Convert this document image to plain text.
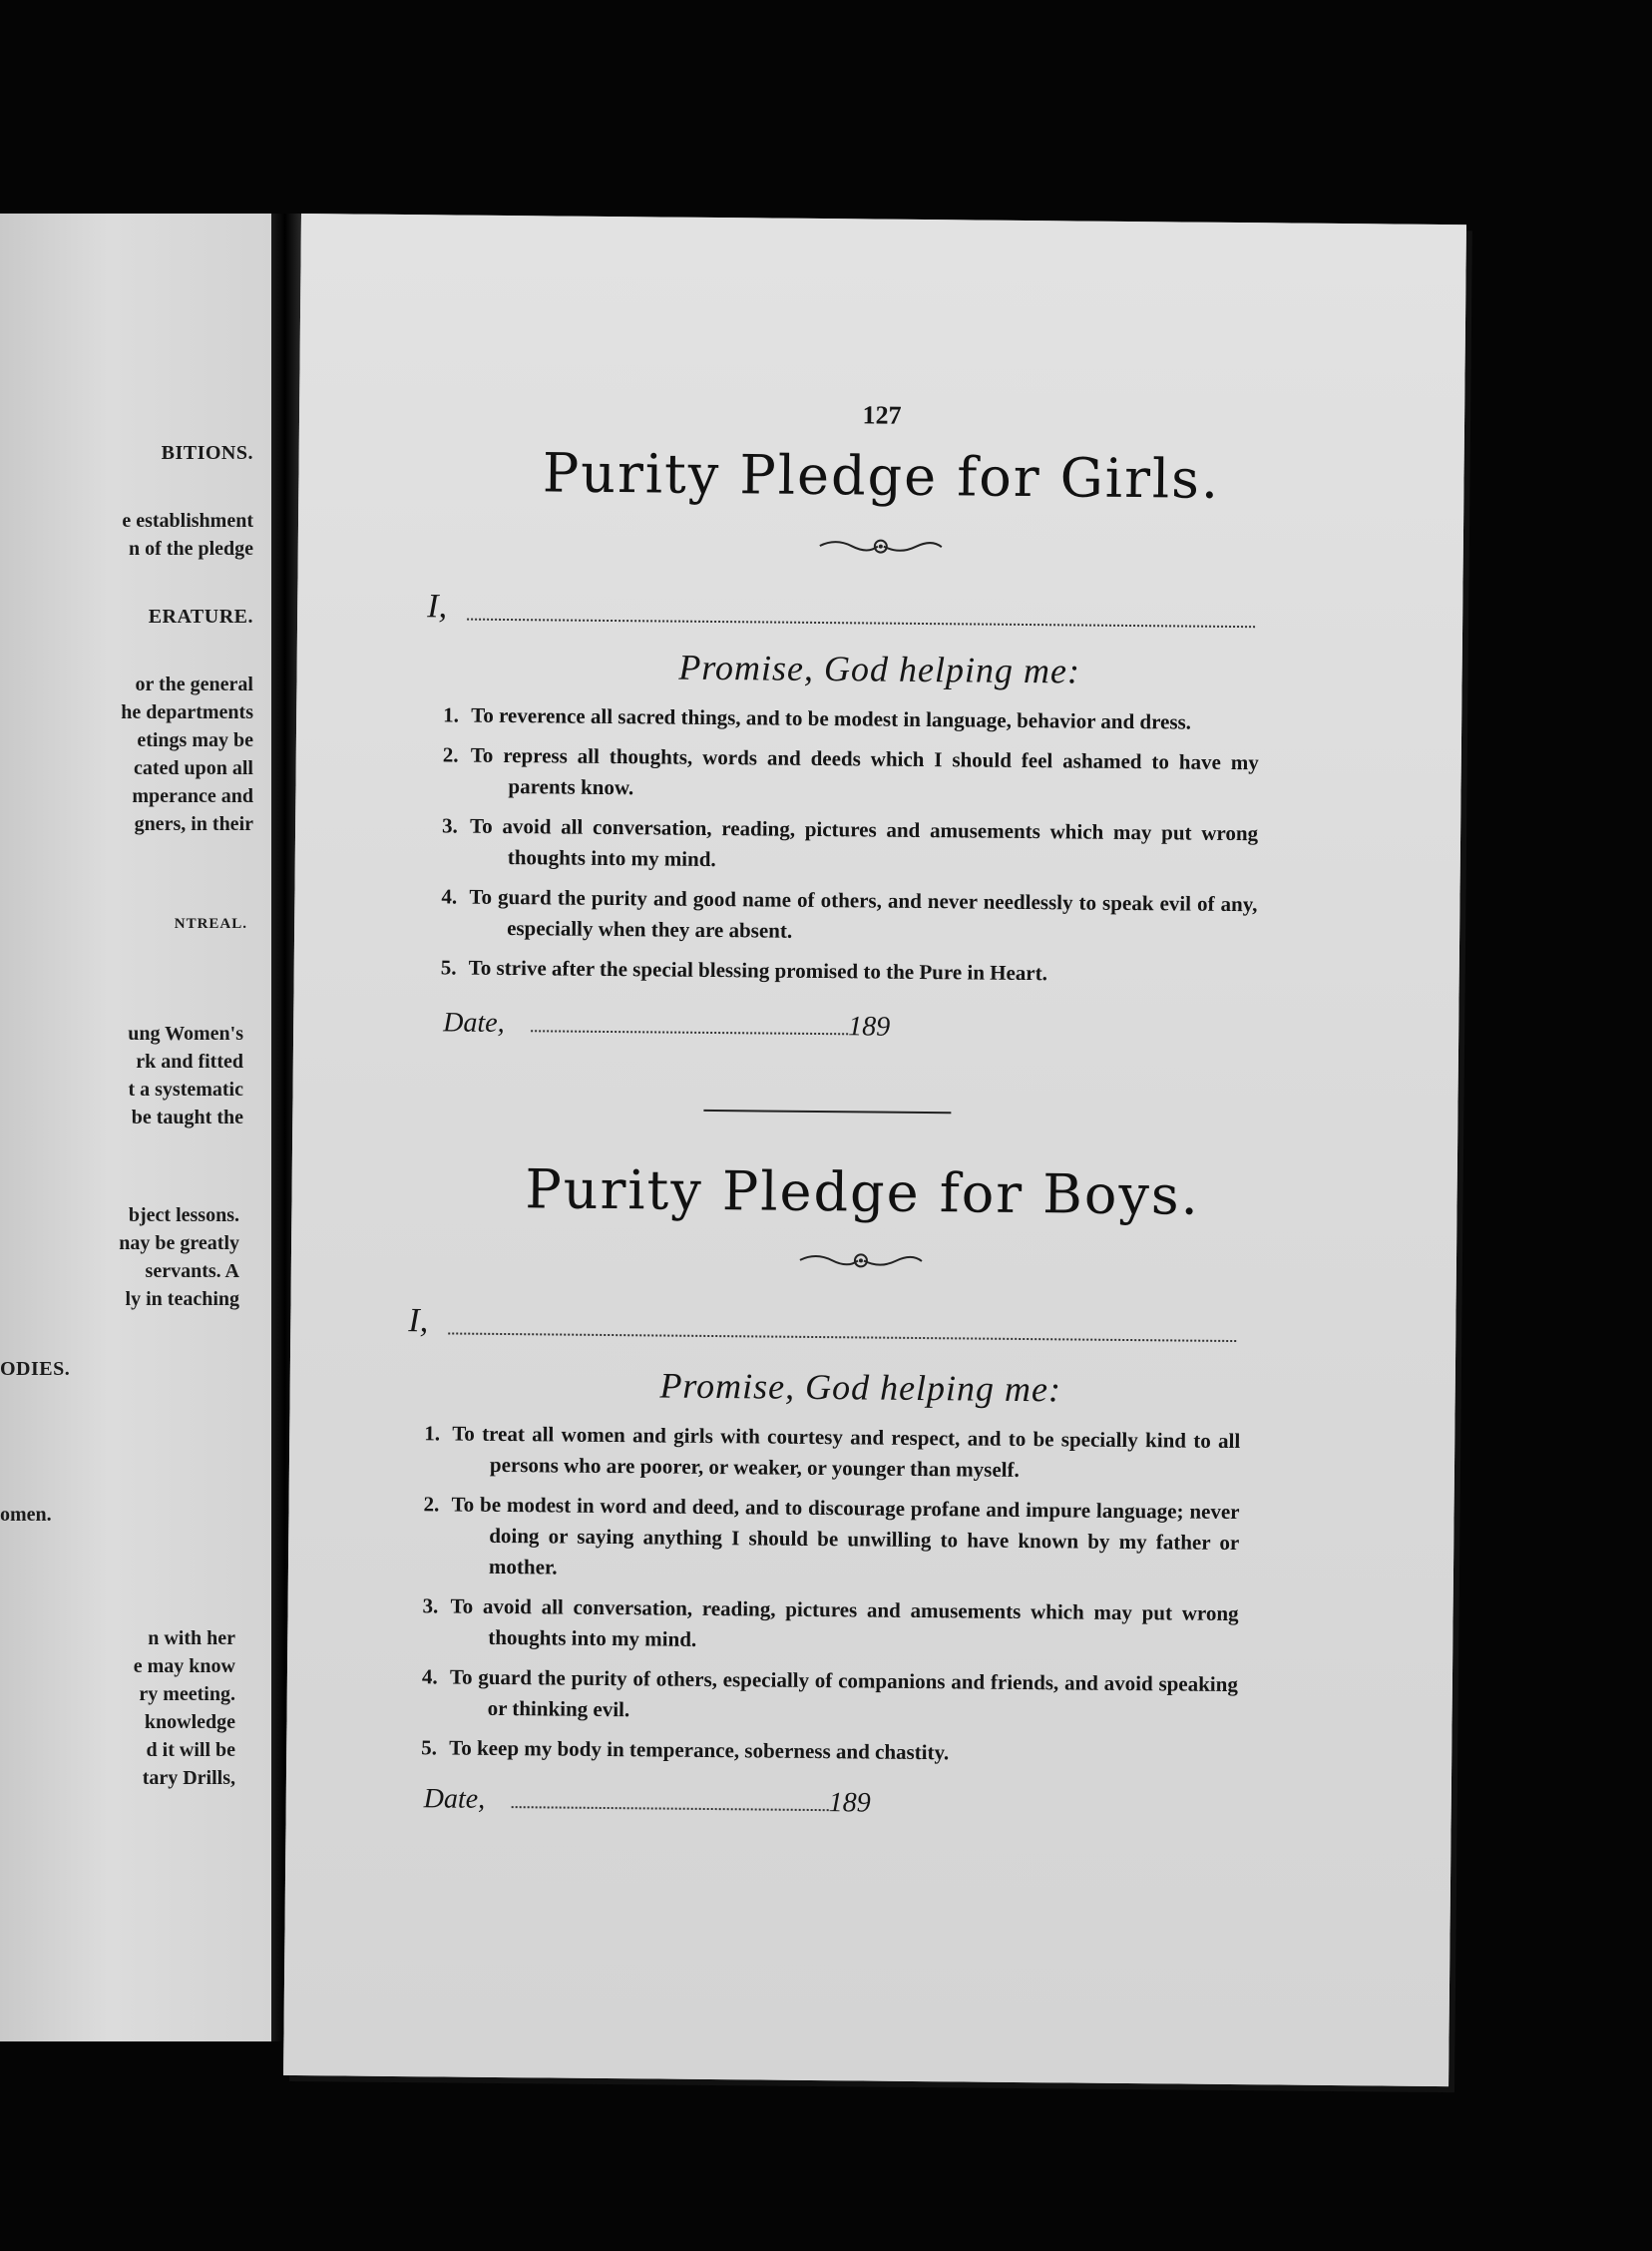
BITIONS.
e establishment
n of the pledge
ERATURE.
or the general
he departments
etings may be
cated upon all
mperance and
gners, in their
NTREAL.
ung Women's
rk and fitted
t a systematic
be taught the
bject lessons.
nay be greatly
servants. A
ly in teaching
ODIES.
omen.
n with her
e may know
ry meeting.
knowledge
d it will be
tary Drills,
127
Purity Pledge for Girls.
I,
Promise, God helping me:
1. To reverence all sacred things, and to be modest in language, behavior and dress.
2. To repress all thoughts, words and deeds which I should feel ashamed to have my parents know.
3. To avoid all conversation, reading, pictures and amusements which may put wrong thoughts into my mind.
4. To guard the purity and good name of others, and never needlessly to speak evil of any, especially when they are absent.
5. To strive after the special blessing promised to the Pure in Heart.
Date,	189
Purity Pledge for Boys.
I,
Promise, God helping me:
1. To treat all women and girls with courtesy and respect, and to be specially kind to all persons who are poorer, or weaker, or younger than myself.
2. To be modest in word and deed, and to discourage profane and impure language; never doing or saying anything I should be unwilling to have known by my father or mother.
3. To avoid all conversation, reading, pictures and amusements which may put wrong thoughts into my mind.
4. To guard the purity of others, especially of companions and friends, and avoid speaking or thinking evil.
5. To keep my body in temperance, soberness and chastity.
Date,	189
